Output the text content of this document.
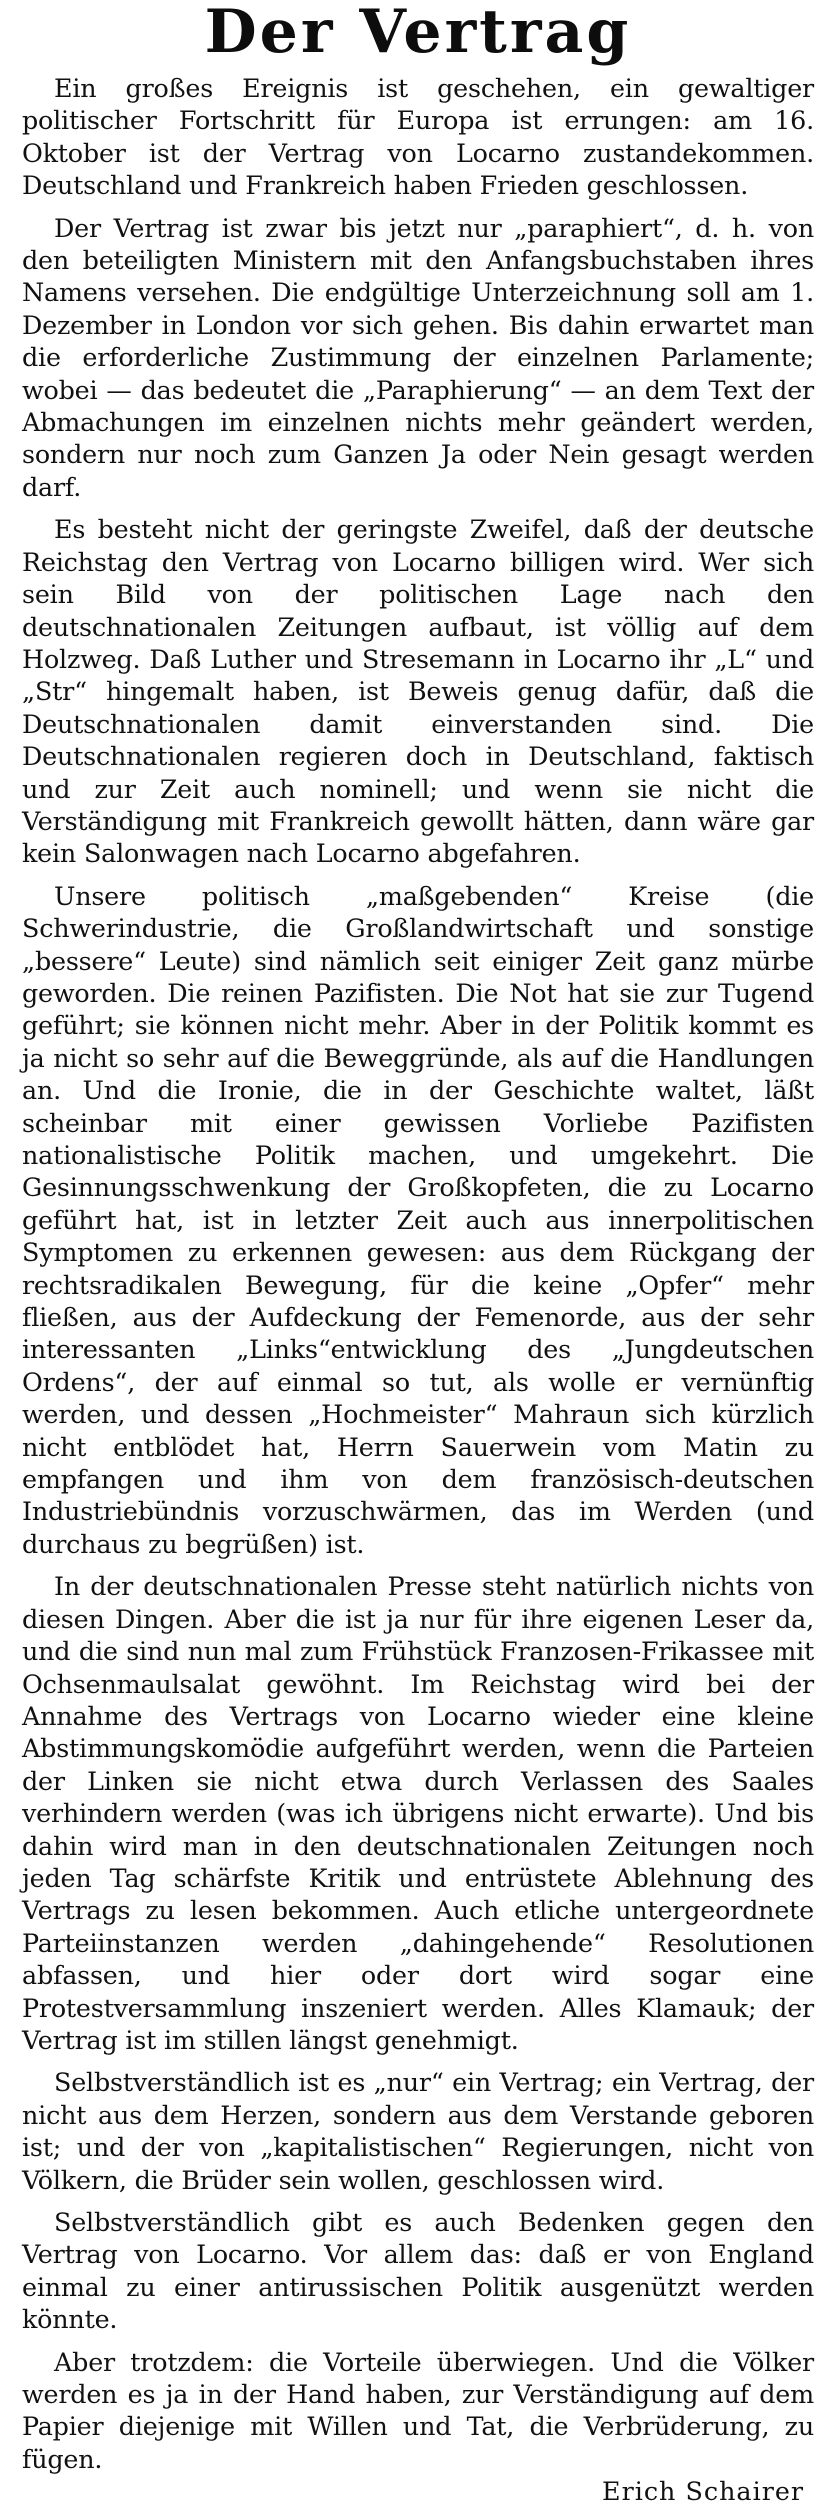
Der Vertrag

Ein großes Ereignis ist geschehen, ein gewaltiger politischer Fortschritt für Europa ist errungen: am 16. Oktober ist der Vertrag von Locarno zustandekommen. Deutschland und Frankreich haben Frieden geschlossen.

Der Vertrag ist zwar bis jetzt nur „paraphiert“, d. h. von den beteiligten Ministern mit den Anfangsbuchstaben ihres Namens versehen. Die endgültige Unterzeichnung soll am 1. Dezember in London vor sich gehen. Bis dahin erwartet man die erforderliche Zustimmung der einzelnen Parlamente; wobei — das bedeutet die „Paraphierung“ — an dem Text der Abmachungen im einzelnen nichts mehr geändert werden, sondern nur noch zum Ganzen Ja oder Nein gesagt werden darf.

Es besteht nicht der geringste Zweifel, daß der deutsche Reichstag den Vertrag von Locarno billigen wird. Wer sich sein Bild von der politischen Lage nach den deutschnationalen Zeitungen aufbaut, ist völlig auf dem Holzweg. Daß Luther und Stresemann in Locarno ihr „L“ und „Str“ hingemalt haben, ist Beweis genug dafür, daß die Deutschnationalen damit einverstanden sind. Die Deutschnationalen regieren doch in Deutschland, faktisch und zur Zeit auch nominell; und wenn sie nicht die Verständigung mit Frankreich gewollt hätten, dann wäre gar kein Salonwagen nach Locarno abgefahren.

Unsere politisch „maßgebenden“ Kreise (die Schwerindustrie, die Großlandwirtschaft und sonstige „bessere“ Leute) sind nämlich seit einiger Zeit ganz mürbe geworden. Die reinen Pazifisten. Die Not hat sie zur Tugend geführt; sie können nicht mehr. Aber in der Politik kommt es ja nicht so sehr auf die Beweggründe, als auf die Handlungen an. Und die Ironie, die in der Geschichte waltet, läßt scheinbar mit einer gewissen Vorliebe Pazifisten nationalistische Politik machen, und umgekehrt. Die Gesinnungsschwenkung der Großkopfeten, die zu Locarno geführt hat, ist in letzter Zeit auch aus innerpolitischen Symptomen zu erkennen gewesen: aus dem Rückgang der rechtsradikalen Bewegung, für die keine „Opfer“ mehr fließen, aus der Aufdeckung der Femenorde, aus der sehr interessanten „Links“entwicklung des „Jungdeutschen Ordens“, der auf einmal so tut, als wolle er vernünftig werden, und dessen „Hochmeister“ Mahraun sich kürzlich nicht entblödet hat, Herrn Sauerwein vom Matin zu empfangen und ihm von dem französisch-deutschen Industriebündnis vorzuschwärmen, das im Werden (und durchaus zu begrüßen) ist.

In der deutschnationalen Presse steht natürlich nichts von diesen Dingen. Aber die ist ja nur für ihre eigenen Leser da, und die sind nun mal zum Frühstück Franzosen-Frikassee mit Ochsenmaulsalat gewöhnt. Im Reichstag wird bei der Annahme des Vertrags von Locarno wieder eine kleine Abstimmungskomödie aufgeführt werden, wenn die Parteien der Linken sie nicht etwa durch Verlassen des Saales verhindern werden (was ich übrigens nicht erwarte). Und bis dahin wird man in den deutschnationalen Zeitungen noch jeden Tag schärfste Kritik und entrüstete Ablehnung des Vertrags zu lesen bekommen. Auch etliche untergeordnete Parteiinstanzen werden „dahingehende“ Resolutionen abfassen, und hier oder dort wird sogar eine Protestversammlung inszeniert werden. Alles Klamauk; der Vertrag ist im stillen längst genehmigt.

Selbstverständlich ist es „nur“ ein Vertrag; ein Vertrag, der nicht aus dem Herzen, sondern aus dem Verstande geboren ist; und der von „kapitalistischen“ Regierungen, nicht von Völkern, die Brüder sein wollen, geschlossen wird.

Selbstverständlich gibt es auch Bedenken gegen den Vertrag von Locarno. Vor allem das: daß er von England einmal zu einer antirussischen Politik ausgenützt werden könnte.

Aber trotzdem: die Vorteile überwiegen. Und die Völker werden es ja in der Hand haben, zur Verständigung auf dem Papier diejenige mit Willen und Tat, die Verbrüderung, zu fügen.

Erich Schairer
